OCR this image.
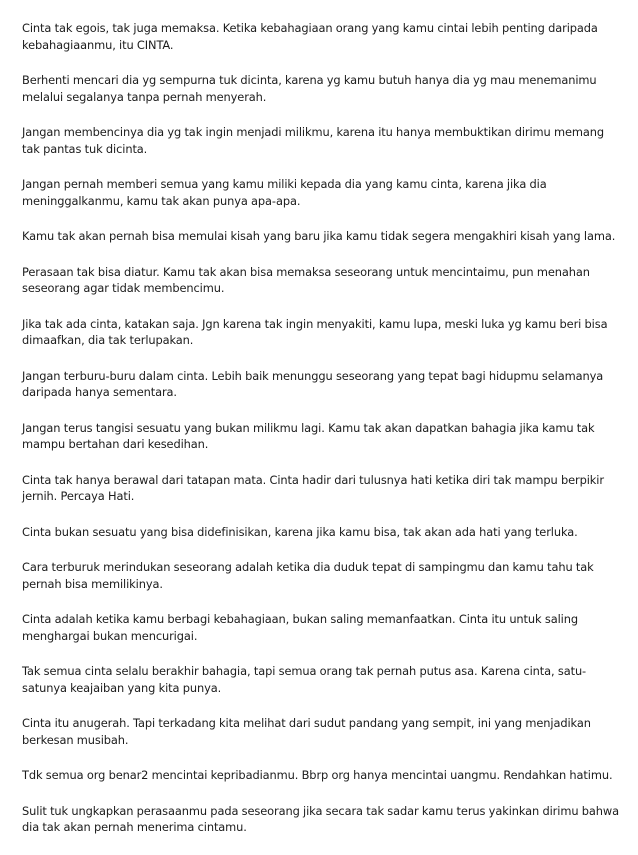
Cinta tak egois, tak juga memaksa. Ketika kebahagiaan orang yang kamu cintai lebih penting daripada kebahagiaanmu, itu CINTA.

Berhenti mencari dia yg sempurna tuk dicinta, karena yg kamu butuh hanya dia yg mau menemanimu melalui segalanya tanpa pernah menyerah.

Jangan membencinya dia yg tak ingin menjadi milikmu, karena itu hanya membuktikan dirimu memang tak pantas tuk dicinta.

Jangan pernah memberi semua yang kamu miliki kepada dia yang kamu cinta, karena jika dia meninggalkanmu, kamu tak akan punya apa-apa.

Kamu tak akan pernah bisa memulai kisah yang baru jika kamu tidak segera mengakhiri kisah yang lama.

Perasaan tak bisa diatur. Kamu tak akan bisa memaksa seseorang untuk mencintaimu, pun menahan seseorang agar tidak membencimu.

Jika tak ada cinta, katakan saja. Jgn karena tak ingin menyakiti, kamu lupa, meski luka yg kamu beri bisa dimaafkan, dia tak terlupakan.

Jangan terburu-buru dalam cinta. Lebih baik menunggu seseorang yang tepat bagi hidupmu selamanya daripada hanya sementara.

Jangan terus tangisi sesuatu yang bukan milikmu lagi. Kamu tak akan dapatkan bahagia jika kamu tak mampu bertahan dari kesedihan.

Cinta tak hanya berawal dari tatapan mata. Cinta hadir dari tulusnya hati ketika diri tak mampu berpikir jernih. Percaya Hati.

Cinta bukan sesuatu yang bisa didefinisikan, karena jika kamu bisa, tak akan ada hati yang terluka.

Cara terburuk merindukan seseorang adalah ketika dia duduk tepat di sampingmu dan kamu tahu tak pernah bisa memilikinya.

Cinta adalah ketika kamu berbagi kebahagiaan, bukan saling memanfaatkan. Cinta itu untuk saling menghargai bukan mencurigai.

Tak semua cinta selalu berakhir bahagia, tapi semua orang tak pernah putus asa. Karena cinta, satu-satunya keajaiban yang kita punya.

Cinta itu anugerah. Tapi terkadang kita melihat dari sudut pandang yang sempit, ini yang menjadikan berkesan musibah.

Tdk semua org benar2 mencintai kepribadianmu. Bbrp org hanya mencintai uangmu. Rendahkan hatimu.

Sulit tuk ungkapkan perasaanmu pada seseorang jika secara tak sadar kamu terus yakinkan dirimu bahwa dia tak akan pernah menerima cintamu.
